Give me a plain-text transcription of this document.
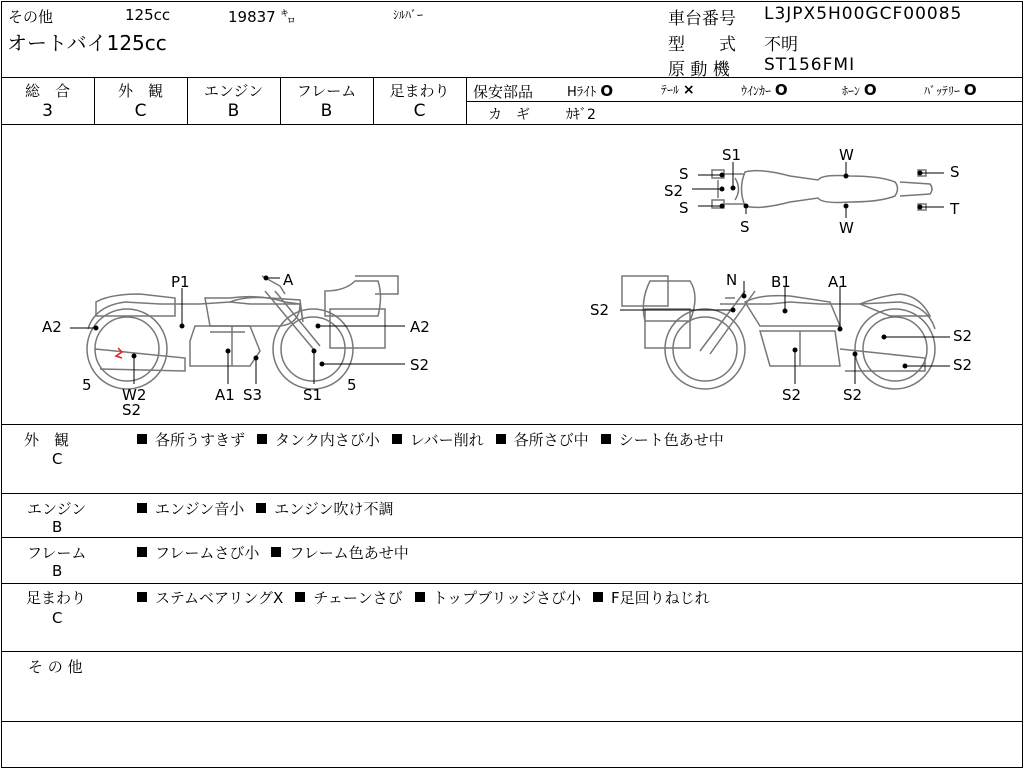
その他	125cc	19837 ㌔	ｼﾙﾊﾞｰ
オートバイ125cc
車台番号 L3JPX5H00GCF00085
型　　式 不明
原 動 機 ST156FMI
総　合
3
外　観
C
エンジン
B
フレーム
B
足まわり
C
保安部品	Hﾗｲﾄ O	ﾃｰﾙ ×	ｳｲﾝｶｰ O	ﾎｰﾝ O	ﾊﾞｯﾃﾘｰ O
カ　ギ	ｶｷﾞ2
S1	W
S
S2
S
S
S
T
W
P1	A
A2	A2
5
W2
S2
A1 S3	S1
5
S2
N B1 A1
S2
S2
S2
S2	S2
外　観
C
各所うすきず タンク内さび小 レバー削れ 各所さび中 シート色あせ中
エンジン
B
エンジン音小 エンジン吹け不調
フレーム
B
フレームさび小 フレーム色あせ中
足まわり
C
ステムベアリングX チェーンさび トップブリッジさび小 F足回りねじれ
そ の 他
